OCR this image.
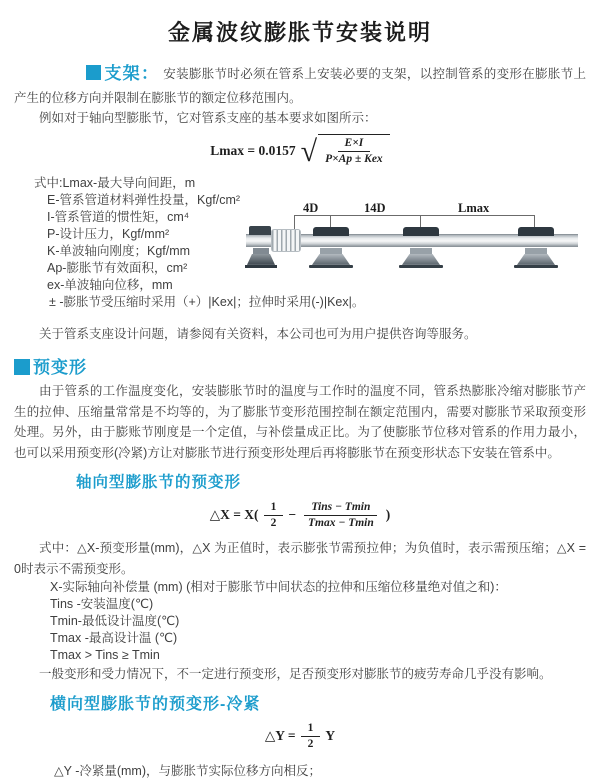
金属波纹膨胀节安装说明

支架： 安装膨胀节时必须在管系上安装必要的支架，以控制管系的变形在膨胀节上产生的位移方向并限制在膨胀节的额定位移范围内。

例如对于轴向型膨胀节，它对管系支座的基本要求如图所示：

Lmax = 0.0157 √ $\frac{E\times I}{\text{P×Ap ± Kex}}$
式中:Lmax-最大导向间距，m
E-管系管道材料弹性投量，Kgf/cm²
I-管系管道的惯性矩，cm⁴
P-设计压力，Kgf/mm²
K-单波轴向刚度；Kgf/mm
Ap-膨胀节有效面积，cm²
ex-单波轴向位移，mm
± -膨胀节受压缩时采用（+）|Kex|；拉伸时采用(-)|Kex|。
4D	14D	Lmax

关于管系支座设计问题，请参阅有关资料，本公司也可为用户提供咨询等服务。

预变形

由于管系的工作温度变化，安装膨胀节时的温度与工作时的温度不同，管系热膨胀冷缩对膨胀节产生的拉伸、压缩量常常是不均等的，为了膨胀节变形范围控制在额定范围内，需要对膨胀节采取预变形处理。另外，由于膨账节刚度是一个定值，与补偿量成正比。为了使膨胀节位移对管系的作用力最小，也可以采用预变形(冷紧)方让对膨胀节进行预变形处理后再将膨胀节在预变形状态下安装在管系中。

轴向型膨胀节的预变形
△X = $X( \frac{1}{2} - \frac{\text{Tins − Tmin}}{Tmax - Tmin}$ )

式中：△X-预变形量(mm)，△X 为正值时，表示膨张节需预拉伸；为负值时，表示需预压缩；△X = 0时表示不需预变形。

X-实际轴向补偿量 (mm) (相对于膨胀节中间状态的拉伸和压缩位移量绝对值之和)：
Tins -安装温度(℃)
Tmin-最低设计温度(℃)
Tmax -最高设计温 (℃)
Tmax > Tins ≥ Tmin

一般变形和受力情况下，不一定进行预变形，足否预变形对膨胀节的疲劳寿命几乎没有影响。

横向型膨胀节的预变形-冷紧
△Y = $\frac{1}{2}$ Y

△Y -冷紧量(mm)，与膨胀节实际位移方向相反；
